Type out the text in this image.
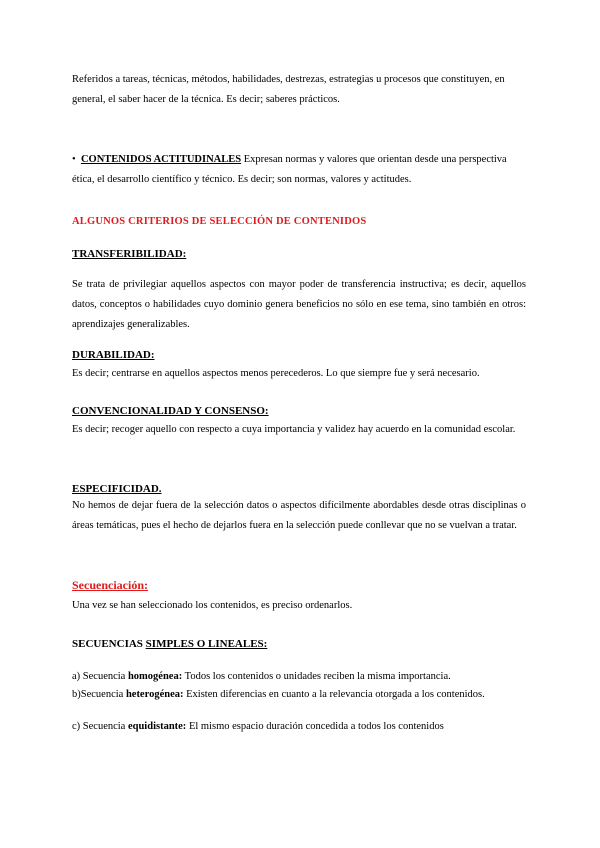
Referidos a tareas, técnicas, métodos, habilidades, destrezas, estrategias u procesos que constituyen, en general, el saber hacer de la técnica. Es decir; saberes prácticos.
• CONTENIDOS ACTITUDINALES Expresan normas y valores que orientan desde una perspectiva ética, el desarrollo científico y técnico. Es decir; son normas, valores y actitudes.
ALGUNOS CRITERIOS DE SELECCIÓN DE CONTENIDOS
TRANSFERIBILIDAD:
Se trata de privilegiar aquellos aspectos con mayor poder de transferencia instructiva; es decir, aquellos datos, conceptos o habilidades cuyo dominio genera beneficios no sólo en ese tema, sino también en otros: aprendizajes generalizables.
DURABILIDAD:
Es decir; centrarse en aquellos aspectos menos perecederos. Lo que siempre fue y será necesario.
CONVENCIONALIDAD Y CONSENSO:
Es decir; recoger aquello con respecto a cuya importancia y validez hay acuerdo en la comunidad escolar.
ESPECIFICIDAD.
No hemos de dejar fuera de la selección datos o aspectos difícilmente abordables desde otras disciplinas o áreas temáticas, pues el hecho de dejarlos fuera en la selección puede conllevar que no se vuelvan a tratar.
Secuenciación:
Una vez se han seleccionado los contenidos, es preciso ordenarlos.
SECUENCIAS SIMPLES O LINEALES:
a) Secuencia homogénea: Todos los contenidos o unidades reciben la misma importancia.
b)Secuencia heterogénea: Existen diferencias en cuanto a la relevancia otorgada a los contenidos.
c) Secuencia equidistante: El mismo espacio duración concedida a todos los contenidos
